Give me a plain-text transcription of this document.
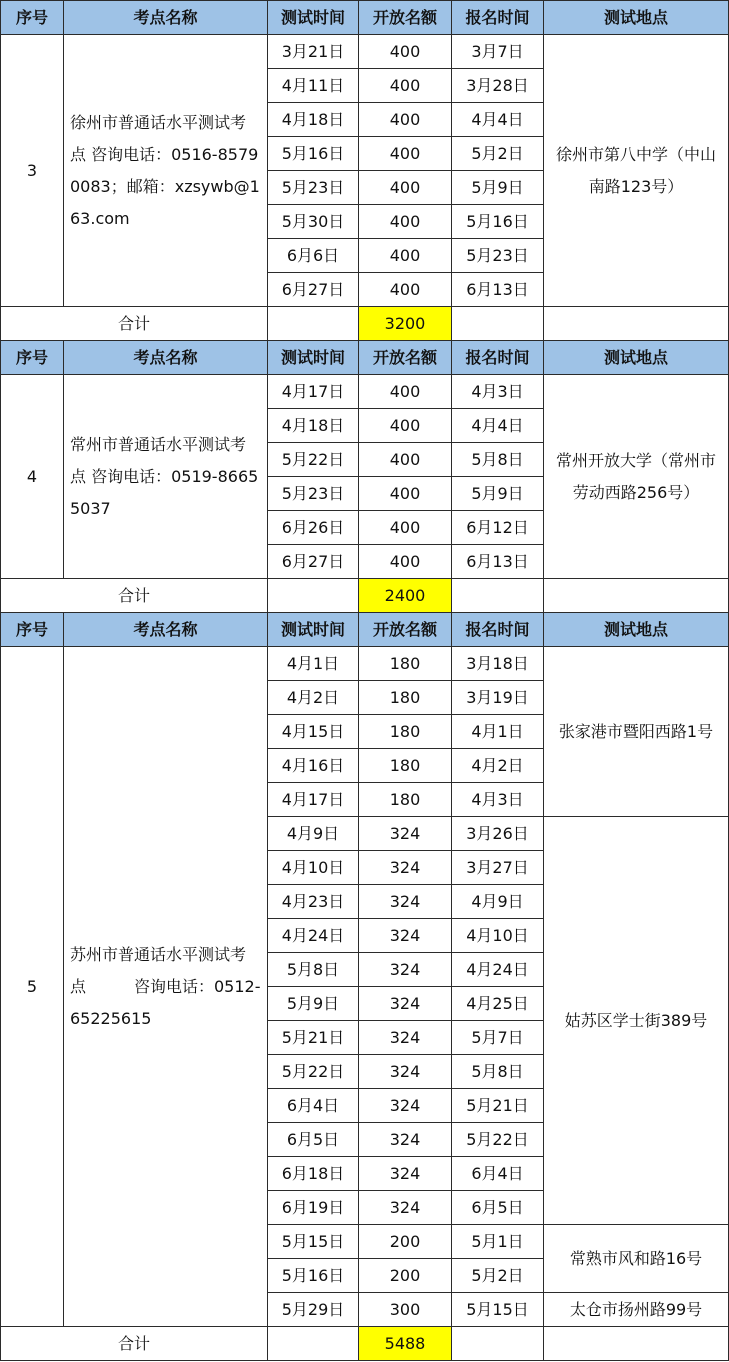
序号	考点名称	测试时间	开放名额	报名时间	测试地点
3	徐州市普通话水平测试考点 咨询电话：0516-85790083；邮箱：xzsywb@163.com	3月21日	400	3月7日	徐州市第八中学（中山南路123号）
		4月11日	400	3月28日	
		4月18日	400	4月4日	
		5月16日	400	5月2日	
		5月23日	400	5月9日	
		5月30日	400	5月16日	
		6月6日	400	5月23日	
		6月27日	400	6月13日	
合计			3200		
序号	考点名称	测试时间	开放名额	报名时间	测试地点
4	常州市普通话水平测试考点 咨询电话：0519-86655037	4月17日	400	4月3日	常州开放大学（常州市劳动西路256号）
		4月18日	400	4月4日	
		5月22日	400	5月8日	
		5月23日	400	5月9日	
		6月26日	400	6月12日	
		6月27日	400	6月13日	
合计			2400		
序号	考点名称	测试时间	开放名额	报名时间	测试地点
5	苏州市普通话水平测试考点　　　咨询电话：0512-65225615	4月1日	180	3月18日	张家港市暨阳西路1号
		4月2日	180	3月19日	
		4月15日	180	4月1日	
		4月16日	180	4月2日	
		4月17日	180	4月3日	
		4月9日	324	3月26日	姑苏区学士街389号
		4月10日	324	3月27日	
		4月23日	324	4月9日	
		4月24日	324	4月10日	
		5月8日	324	4月24日	
		5月9日	324	4月25日	
		5月21日	324	5月7日	
		5月22日	324	5月8日	
		6月4日	324	5月21日	
		6月5日	324	5月22日	
		6月18日	324	6月4日	
		6月19日	324	6月5日	
		5月15日	200	5月1日	常熟市风和路16号
		5月16日	200	5月2日	
		5月29日	300	5月15日	太仓市扬州路99号
合计			5488		
